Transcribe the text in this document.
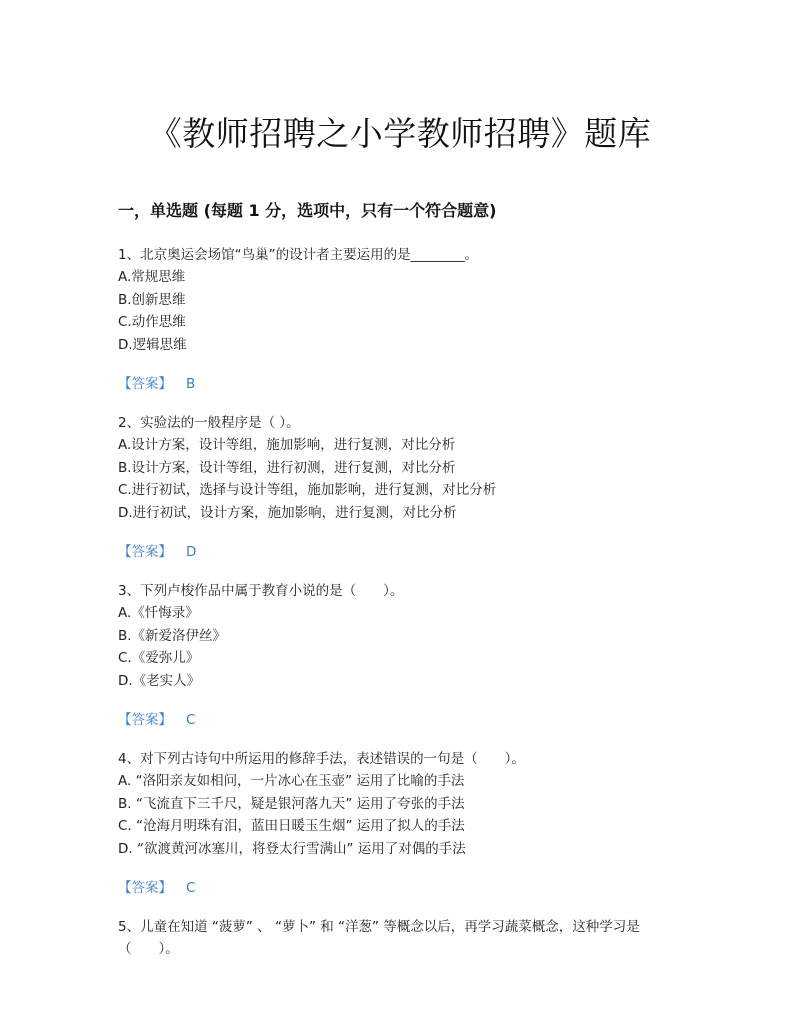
《教师招聘之小学教师招聘》题库
一，单选题 (每题 1 分，选项中，只有一个符合题意)

1、北京奥运会场馆“鸟巢”的设计者主要运用的是________。

A.常规思维

B.创新思维

C.动作思维

D.逻辑思维

【答案】 B

2、实验法的一般程序是（ ）。

A.设计方案，设计等组，施加影响，进行复测，对比分析

B.设计方案，设计等组，进行初测，进行复测，对比分析

C.进行初试，选择与设计等组，施加影响，进行复测，对比分析

D.进行初试，设计方案，施加影响，进行复测，对比分析

【答案】 D

3、下列卢梭作品中属于教育小说的是（　　）。

A.《忏悔录》

B.《新爱洛伊丝》

C.《爱弥儿》

D.《老实人》

【答案】 C

4、对下列古诗句中所运用的修辞手法，表述错误的一句是（　　）。

A. “洛阳亲友如相问，一片冰心在玉壶” 运用了比喻的手法

B. “飞流直下三千尺，疑是银河落九天” 运用了夸张的手法

C. “沧海月明珠有泪，蓝田日暖玉生烟” 运用了拟人的手法

D. “欲渡黄河冰塞川，将登太行雪满山” 运用了对偶的手法

【答案】 C

5、儿童在知道 “菠萝” 、 “萝卜” 和 “洋葱” 等概念以后，再学习蔬菜概念，这种学习是（　　）。
